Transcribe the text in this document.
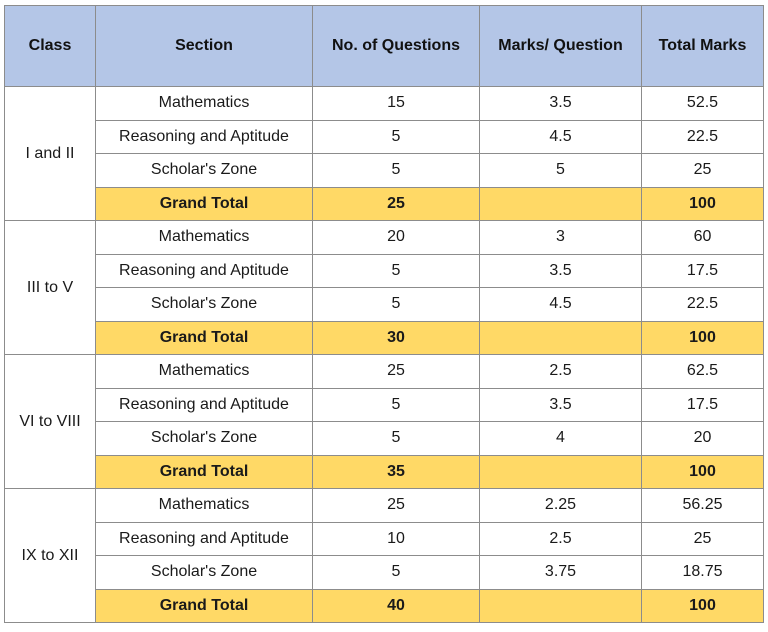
Class	Section	No. of Questions	Marks/ Question	Total Marks
I and II	Mathematics	15	3.5	52.5
	Reasoning and Aptitude	5	4.5	22.5
	Scholar's Zone	5	5	25
	Grand Total	25		100
III to V	Mathematics	20	3	60
	Reasoning and Aptitude	5	3.5	17.5
	Scholar's Zone	5	4.5	22.5
	Grand Total	30		100
VI to VIII	Mathematics	25	2.5	62.5
	Reasoning and Aptitude	5	3.5	17.5
	Scholar's Zone	5	4	20
	Grand Total	35		100
IX to XII	Mathematics	25	2.25	56.25
	Reasoning and Aptitude	10	2.5	25
	Scholar's Zone	5	3.75	18.75
	Grand Total	40		100
